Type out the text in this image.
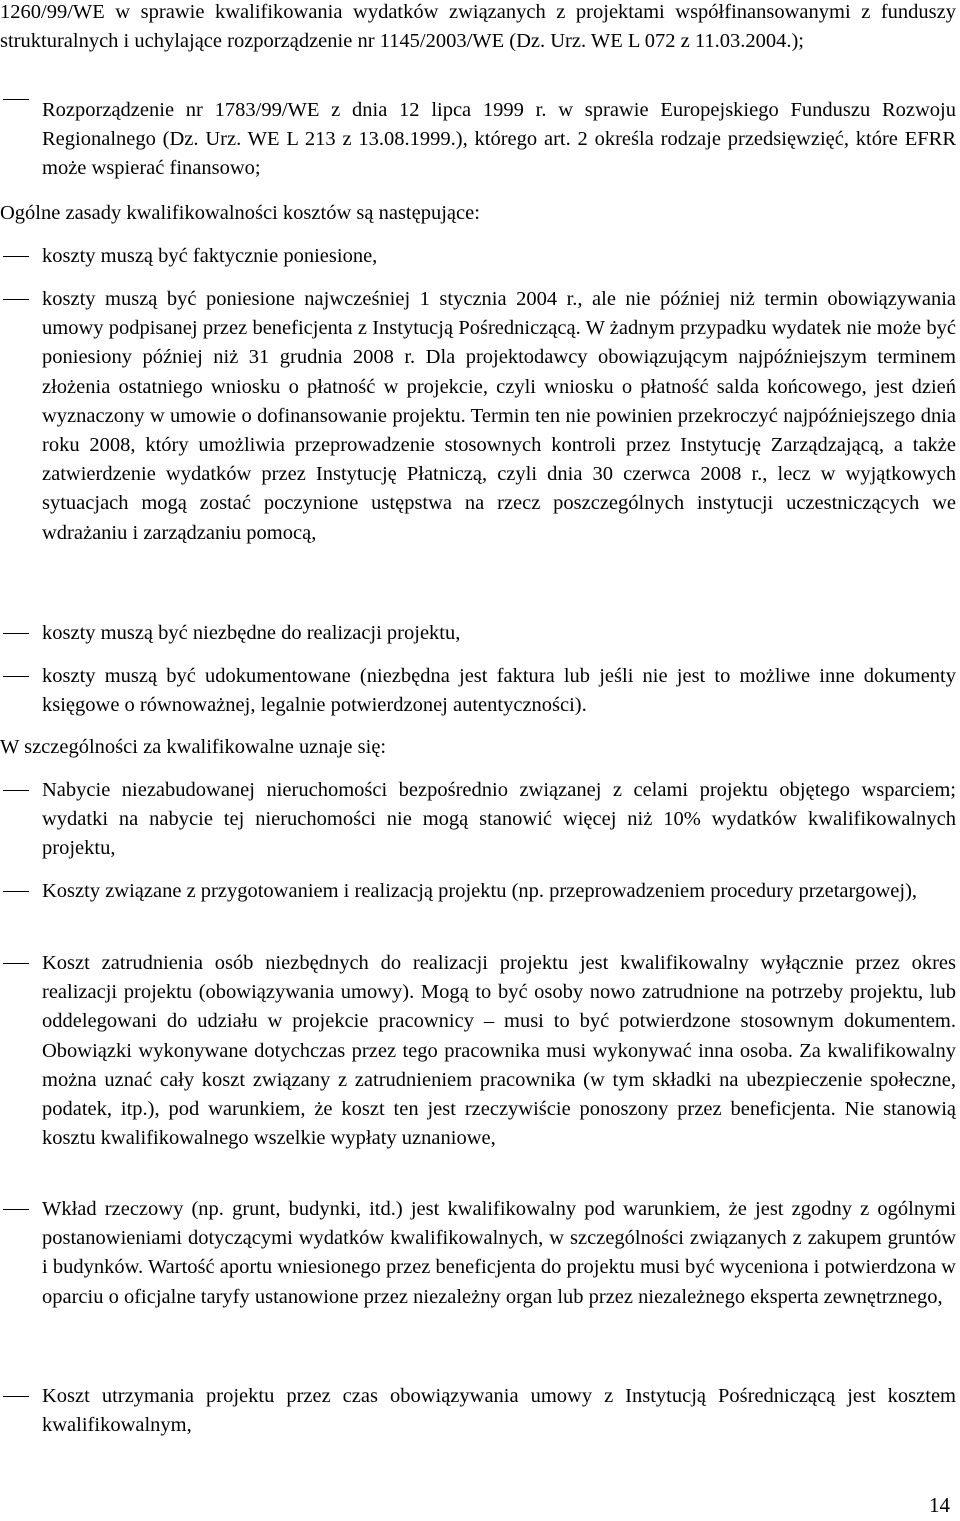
1260/99/WE w sprawie kwalifikowania wydatków związanych z projektami współfinansowanymi z funduszy strukturalnych i uchylające rozporządzenie nr 1145/2003/WE (Dz. Urz. WE L 072 z 11.03.2004.);

Rozporządzenie nr 1783/99/WE z dnia 12 lipca 1999 r. w sprawie Europejskiego Funduszu Rozwoju Regionalnego (Dz. Urz. WE L 213 z 13.08.1999.), którego art. 2 określa rodzaje przedsięwzięć, które EFRR może wspierać finansowo;

Ogólne zasady kwalifikowalności kosztów są następujące:

koszty muszą być faktycznie poniesione,

koszty muszą być poniesione najwcześniej 1 stycznia 2004 r., ale nie później niż termin obowiązywania umowy podpisanej przez beneficjenta z Instytucją Pośredniczącą. W żadnym przypadku wydatek nie może być poniesiony później niż 31 grudnia 2008 r. Dla projektodawcy obowiązującym najpóźniejszym terminem złożenia ostatniego wniosku o płatność w projekcie, czyli wniosku o płatność salda końcowego, jest dzień wyznaczony w umowie o dofinansowanie projektu. Termin ten nie powinien przekroczyć najpóźniejszego dnia roku 2008, który umożliwia przeprowadzenie stosownych kontroli przez Instytucję Zarządzającą, a także zatwierdzenie wydatków przez Instytucję Płatniczą, czyli dnia 30 czerwca 2008 r., lecz w wyjątkowych sytuacjach mogą zostać poczynione ustępstwa na rzecz poszczególnych instytucji uczestniczących we wdrażaniu i zarządzaniu pomocą,

koszty muszą być niezbędne do realizacji projektu,

koszty muszą być udokumentowane (niezbędna jest faktura lub jeśli nie jest to możliwe inne dokumenty księgowe o równoważnej, legalnie potwierdzonej autentyczności).

W szczególności za kwalifikowalne uznaje się:

Nabycie niezabudowanej nieruchomości bezpośrednio związanej z celami projektu objętego wsparciem; wydatki na nabycie tej nieruchomości nie mogą stanowić więcej niż 10% wydatków kwalifikowalnych projektu,

Koszty związane z przygotowaniem i realizacją projektu (np. przeprowadzeniem procedury przetargowej),

Koszt zatrudnienia osób niezbędnych do realizacji projektu jest kwalifikowalny wyłącznie przez okres realizacji projektu (obowiązywania umowy). Mogą to być osoby nowo zatrudnione na potrzeby projektu, lub oddelegowani do udziału w projekcie pracownicy – musi to być potwierdzone stosownym dokumentem. Obowiązki wykonywane dotychczas przez tego pracownika musi wykonywać inna osoba. Za kwalifikowalny można uznać cały koszt związany z zatrudnieniem pracownika (w tym składki na ubezpieczenie społeczne, podatek, itp.), pod warunkiem, że koszt ten jest rzeczywiście ponoszony przez beneficjenta. Nie stanowią kosztu kwalifikowalnego wszelkie wypłaty uznaniowe,

Wkład rzeczowy (np. grunt, budynki, itd.) jest kwalifikowalny pod warunkiem, że jest zgodny z ogólnymi postanowieniami dotyczącymi wydatków kwalifikowalnych, w szczególności związanych z zakupem gruntów i budynków. Wartość aportu wniesionego przez beneficjenta do projektu musi być wyceniona i potwierdzona w oparciu o oficjalne taryfy ustanowione przez niezależny organ lub przez niezależnego eksperta zewnętrznego,

Koszt utrzymania projektu przez czas obowiązywania umowy z Instytucją Pośredniczącą jest kosztem kwalifikowalnym,

14
